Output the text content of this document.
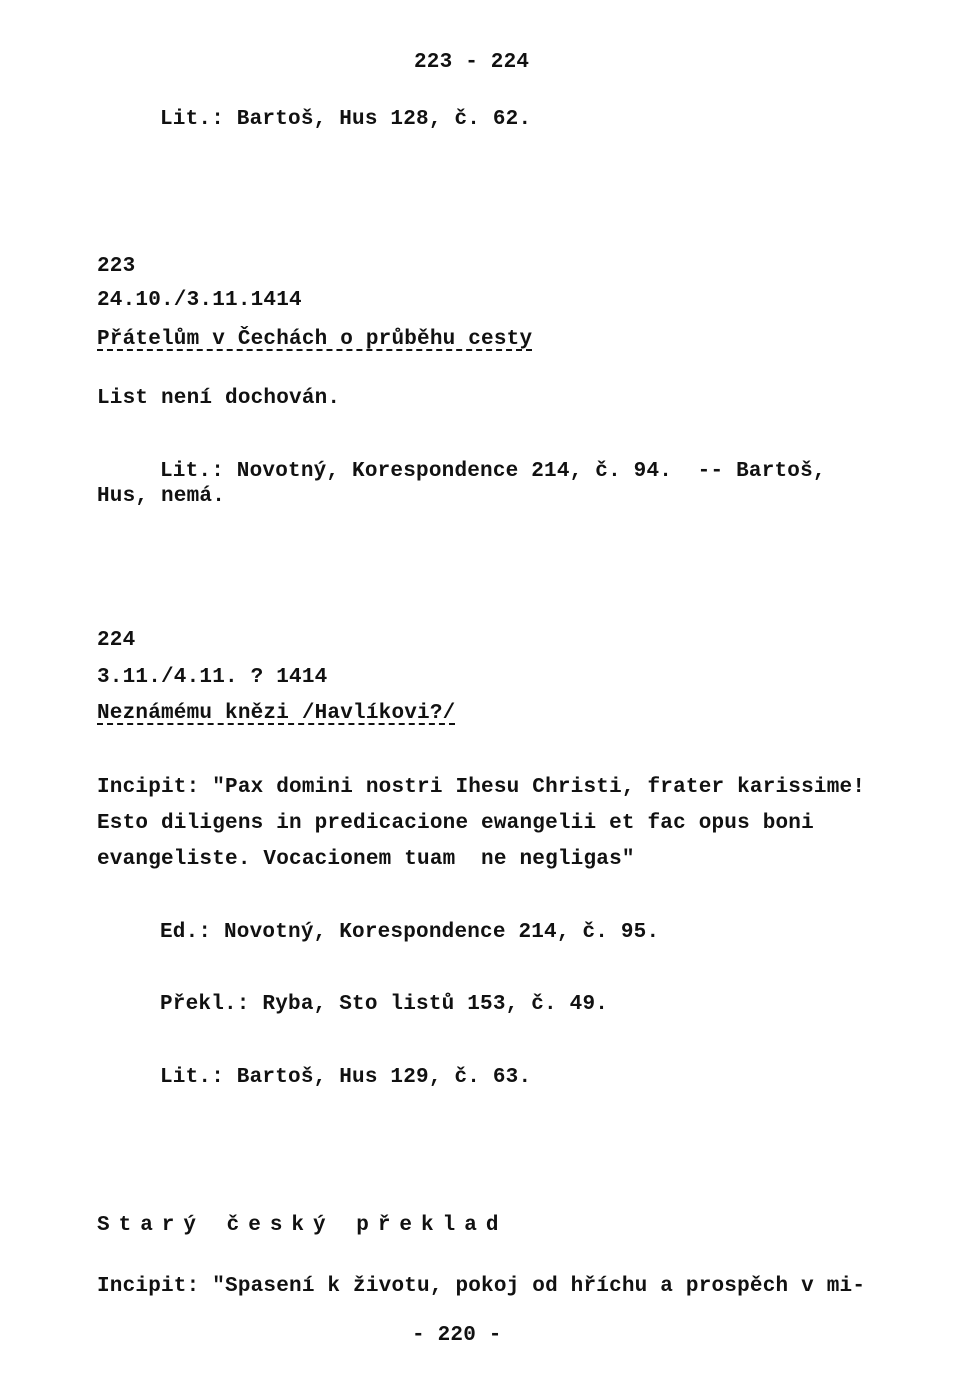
223 - 224
Lit.: Bartoš, Hus 128, č. 62.
223
24.10./3.11.1414
Přátelům v Čechách o průběhu cesty
List není dochován.
Lit.: Novotný, Korespondence 214, č. 94.  -- Bartoš,
Hus, nemá.
224
3.11./4.11. ? 1414
Neznámému knězi /Havlíkovi?/
Incipit: "Pax domini nostri Ihesu Christi, frater karissime!
Esto diligens in predicacione ewangelii et fac opus boni
evangeliste. Vocacionem tuam  ne negligas"
Ed.: Novotný, Korespondence 214, č. 95.
Překl.: Ryba, Sto listů 153, č. 49.
Lit.: Bartoš, Hus 129, č. 63.
Starý český překlad
Incipit: "Spasení k životu, pokoj od hříchu a prospěch v mi-
- 220 -
